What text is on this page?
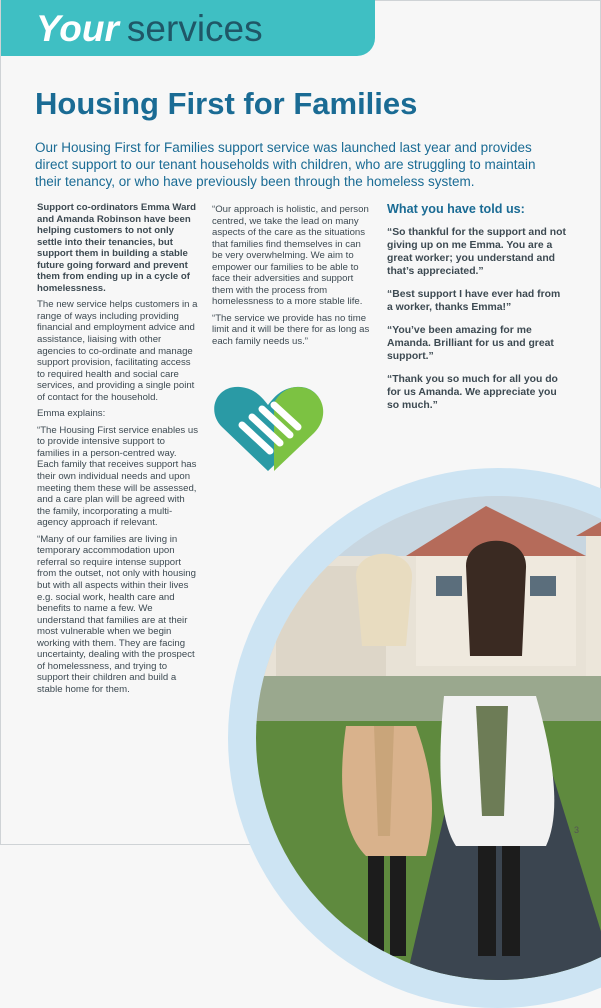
Your services
Housing First for Families

Our Housing First for Families support service was launched last year and provides direct support to our tenant households with children, who are struggling to maintain their tenancy, or who have previously been through the homeless system.

Support co-ordinators Emma Ward and Amanda Robinson have been helping customers to not only settle into their tenancies, but support them in building a stable future going forward and prevent them from ending up in a cycle of homelessness.

The new service helps customers in a range of ways including providing financial and employment advice and assistance, liaising with other agencies to co-ordinate and manage support provision, facilitating access to required health and social care services, and providing a single point of contact for the household.

Emma explains:

“The Housing First service enables us to provide intensive support to families in a person-centred way. Each family that receives support has their own individual needs and upon meeting them these will be assessed, and a care plan will be agreed with the family, incorporating a multi-agency approach if relevant.

“Many of our families are living in temporary accommodation upon referral so require intense support from the outset, not only with housing but with all aspects within their lives e.g. social work, health care and benefits to name a few. We understand that families are at their most vulnerable when we begin working with them. They are facing uncertainty, dealing with the prospect of homelessness, and trying to support their children and build a stable home for them.

“Our approach is holistic, and person centred, we take the lead on many aspects of the care as the situations that families find themselves in can be very overwhelming. We aim to empower our families to be able to face their adversities and support them with the process from homelessness to a more stable life.

“The service we provide has no time limit and it will be there for as long as each family needs us.”

What you have told us:

“So thankful for the support and not giving up on me Emma. You are a great worker; you understand and that’s appreciated.”

“Best support I have ever had from a worker, thanks Emma!”

“You’ve been amazing for me Amanda. Brilliant for us and great support.”

“Thank you so much for all you do for us Amanda. We appreciate you so much.”

3
